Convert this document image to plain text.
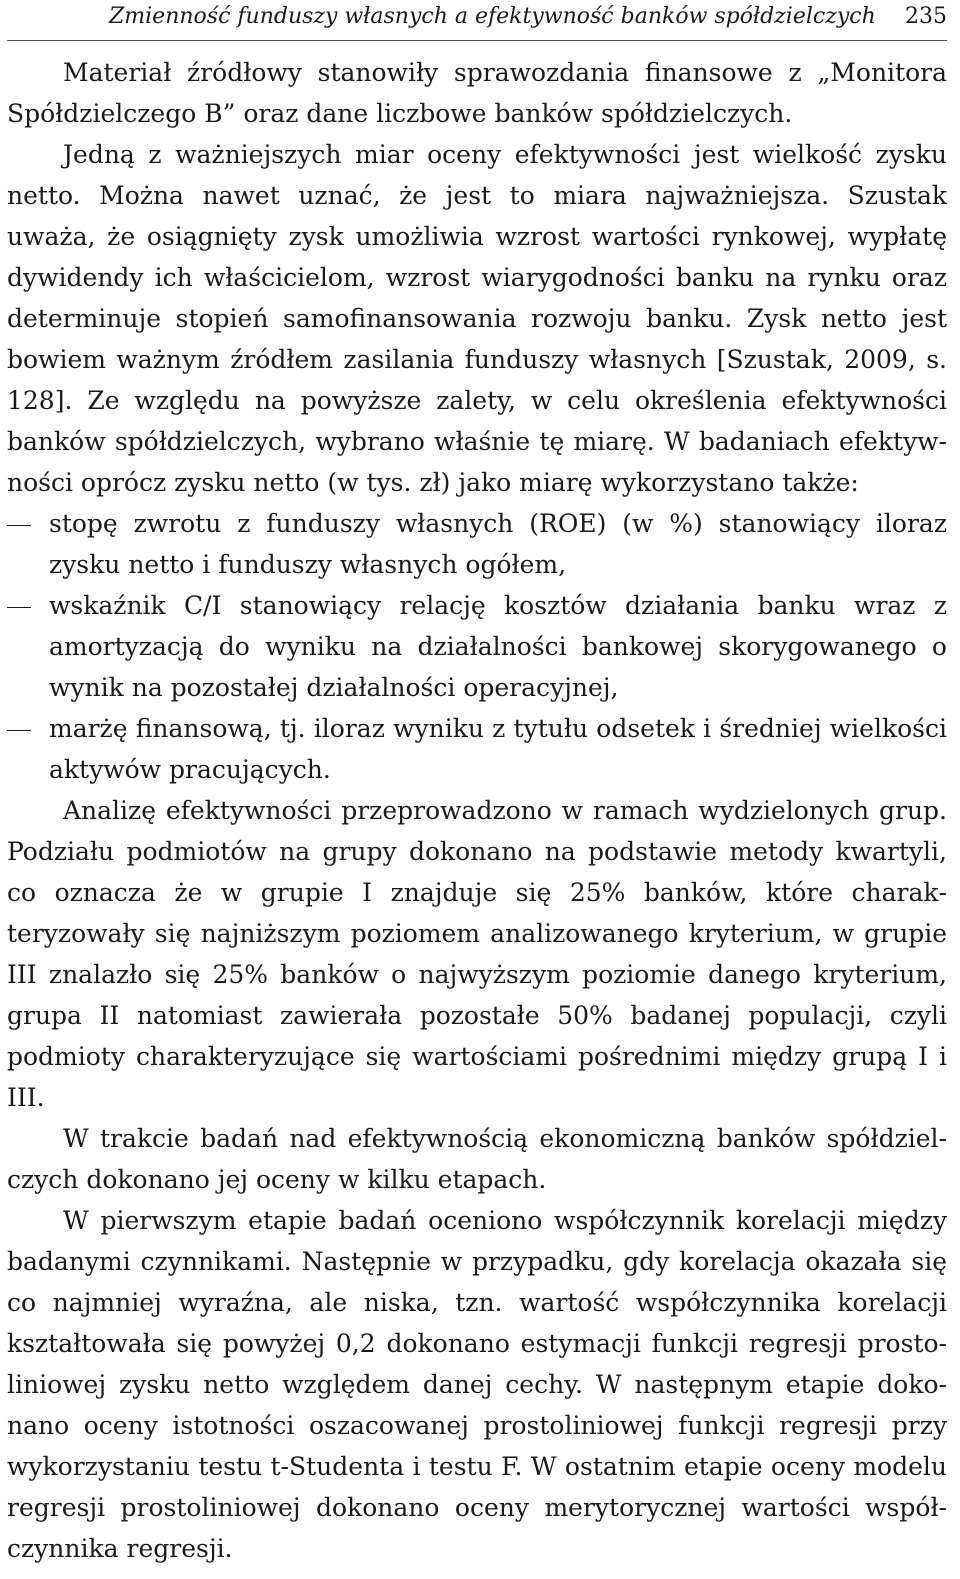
Zmienność funduszy własnych a efektywność banków spółdzielczych 235

Materiał źródłowy stanowiły sprawozdania finansowe z „Monitora Spółdzielczego B” oraz dane liczbowe banków spółdzielczych.

Jedną z ważniejszych miar oceny efektywności jest wielkość zysku netto. Można nawet uznać, że jest to miara najważniejsza. Szustak uważa, że osiągnięty zysk umożliwia wzrost wartości rynkowej, wypłatę dywidendy ich właścicielom, wzrost wiarygodności banku na rynku oraz determinuje stopień samofinansowania rozwoju banku. Zysk netto jest bowiem ważnym źródłem zasilania funduszy własnych [Szustak, 2009, s. 128]. Ze względu na powyższe zalety, w celu określenia efektywności banków spółdzielczych, wybrano właśnie tę miarę. W badaniach efektywności oprócz zysku netto (w tys. zł) jako miarę wykorzystano także:

stopę zwrotu z funduszy własnych (ROE) (w %) stanowiący iloraz zysku netto i funduszy własnych ogółem,
wskaźnik C/I stanowiący relację kosztów działania banku wraz z amortyzacją do wyniku na działalności bankowej skorygowanego o wynik na pozostałej działalności operacyjnej,
marżę finansową, tj. iloraz wyniku z tytułu odsetek i średniej wielkości aktywów pracujących.

Analizę efektywności przeprowadzono w ramach wydzielonych grup. Podziału podmiotów na grupy dokonano na podstawie metody kwartyli, co oznacza że w grupie I znajduje się 25% banków, które charakteryzowały się najniższym poziomem analizowanego kryterium, w grupie III znalazło się 25% banków o najwyższym poziomie danego kryterium, grupa II natomiast zawierała pozostałe 50% badanej populacji, czyli podmioty charakteryzujące się wartościami pośrednimi między grupą I i III.

W trakcie badań nad efektywnością ekonomiczną banków spółdzielczych dokonano jej oceny w kilku etapach.

W pierwszym etapie badań oceniono współczynnik korelacji między badanymi czynnikami. Następnie w przypadku, gdy korelacja okazała się co najmniej wyraźna, ale niska, tzn. wartość współczynnika korelacji kształtowała się powyżej 0,2 dokonano estymacji funkcji regresji prostoliniowej zysku netto względem danej cechy. W następnym etapie dokonano oceny istotności oszacowanej prostoliniowej funkcji regresji przy wykorzystaniu testu t-Studenta i testu F. W ostatnim etapie oceny modelu regresji prostoliniowej dokonano oceny merytorycznej wartości współczynnika regresji.
